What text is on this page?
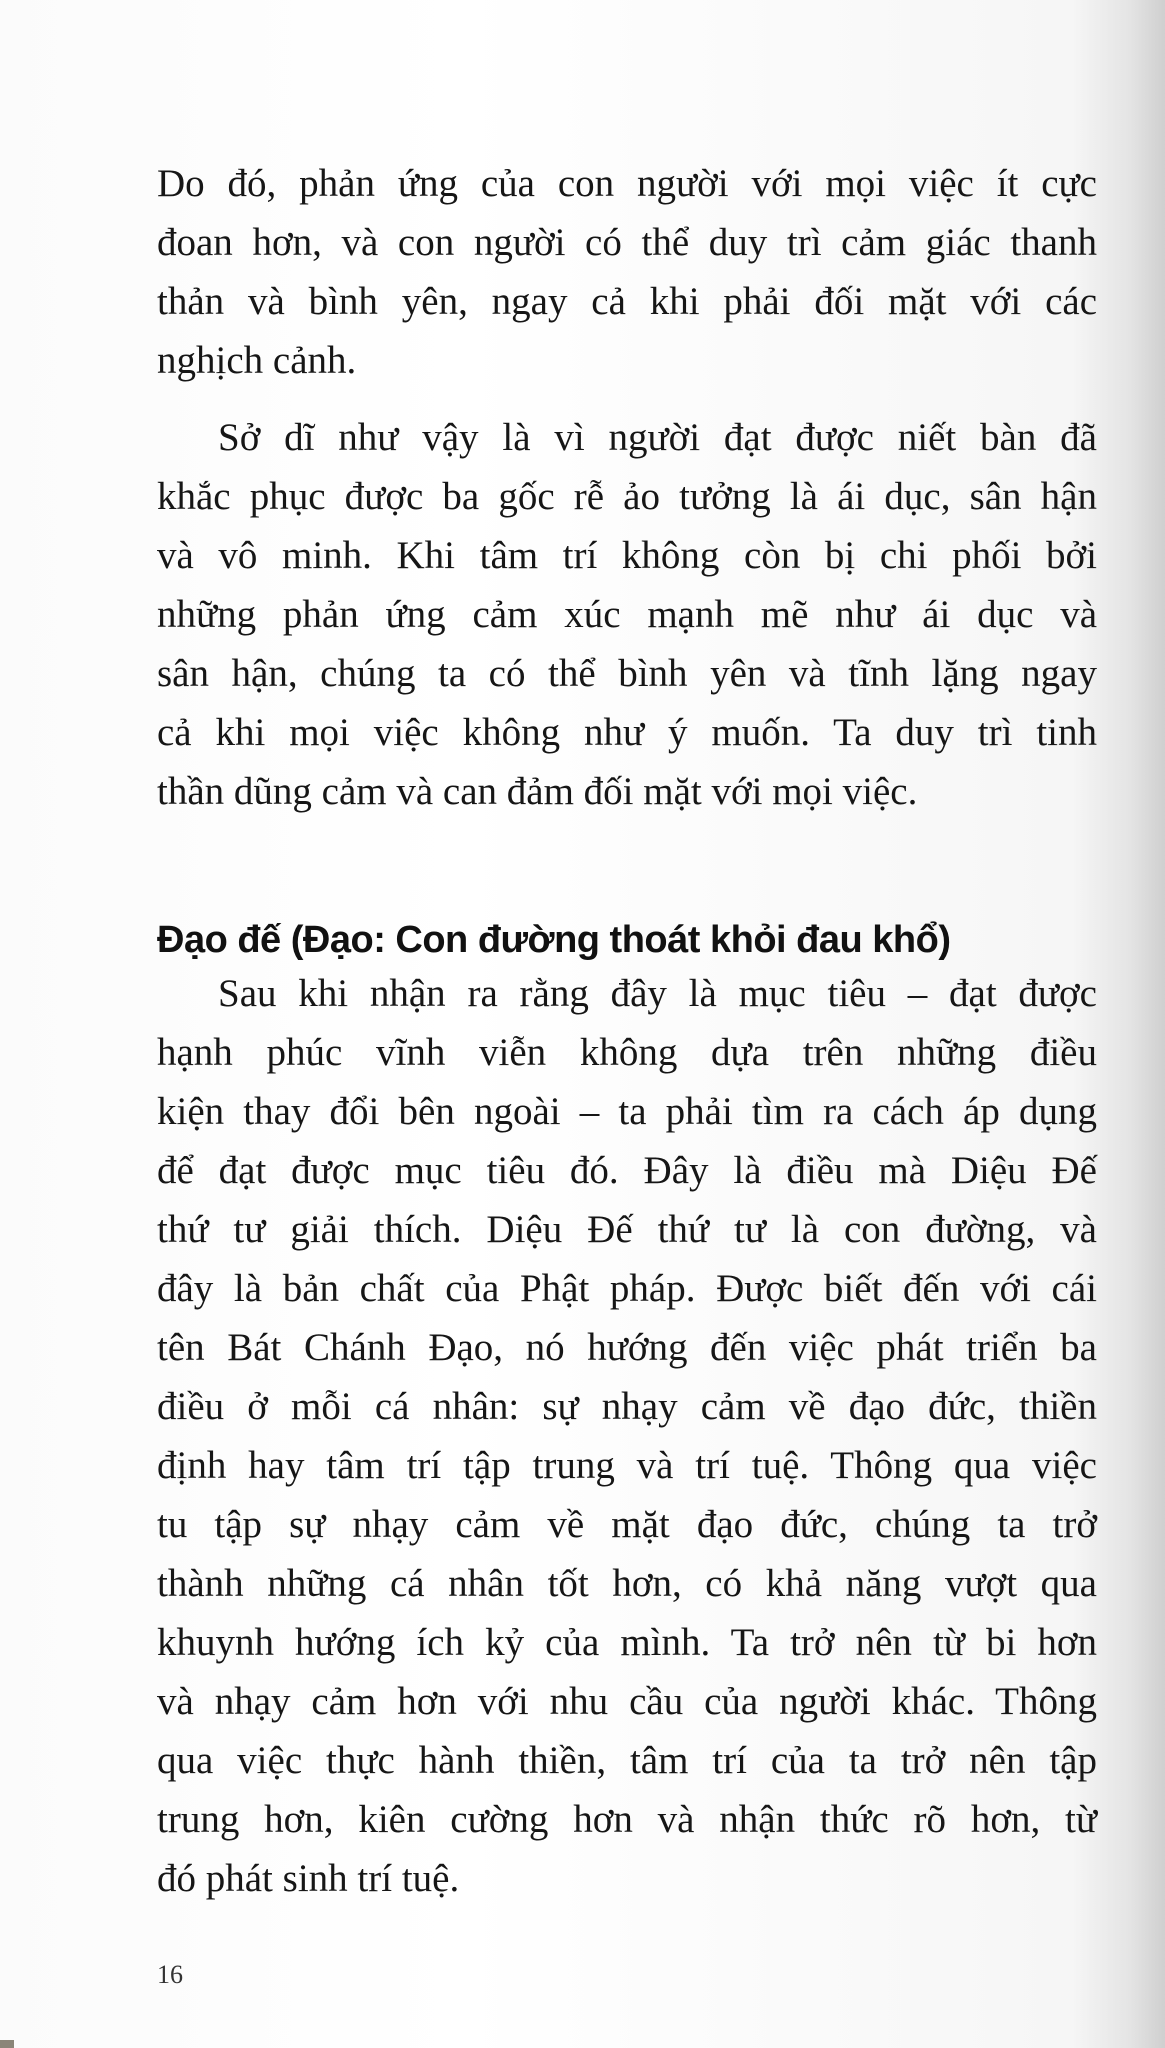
Do đó, phản ứng của con người với mọi việc ít cực
đoan hơn, và con người có thể duy trì cảm giác thanh
thản và bình yên, ngay cả khi phải đối mặt với các
nghịch cảnh.
Sở dĩ như vậy là vì người đạt được niết bàn đã
khắc phục được ba gốc rễ ảo tưởng là ái dục, sân hận
và vô minh. Khi tâm trí không còn bị chi phối bởi
những phản ứng cảm xúc mạnh mẽ như ái dục và
sân hận, chúng ta có thể bình yên và tĩnh lặng ngay
cả khi mọi việc không như ý muốn. Ta duy trì tinh
thần dũng cảm và can đảm đối mặt với mọi việc.
Đạo đế (Đạo: Con đường thoát khỏi đau khổ)
Sau khi nhận ra rằng đây là mục tiêu – đạt được
hạnh phúc vĩnh viễn không dựa trên những điều
kiện thay đổi bên ngoài – ta phải tìm ra cách áp dụng
để đạt được mục tiêu đó. Đây là điều mà Diệu Đế
thứ tư giải thích. Diệu Đế thứ tư là con đường, và
đây là bản chất của Phật pháp. Được biết đến với cái
tên Bát Chánh Đạo, nó hướng đến việc phát triển ba
điều ở mỗi cá nhân: sự nhạy cảm về đạo đức, thiền
định hay tâm trí tập trung và trí tuệ. Thông qua việc
tu tập sự nhạy cảm về mặt đạo đức, chúng ta trở
thành những cá nhân tốt hơn, có khả năng vượt qua
khuynh hướng ích kỷ của mình. Ta trở nên từ bi hơn
và nhạy cảm hơn với nhu cầu của người khác. Thông
qua việc thực hành thiền, tâm trí của ta trở nên tập
trung hơn, kiên cường hơn và nhận thức rõ hơn, từ
đó phát sinh trí tuệ.
16
